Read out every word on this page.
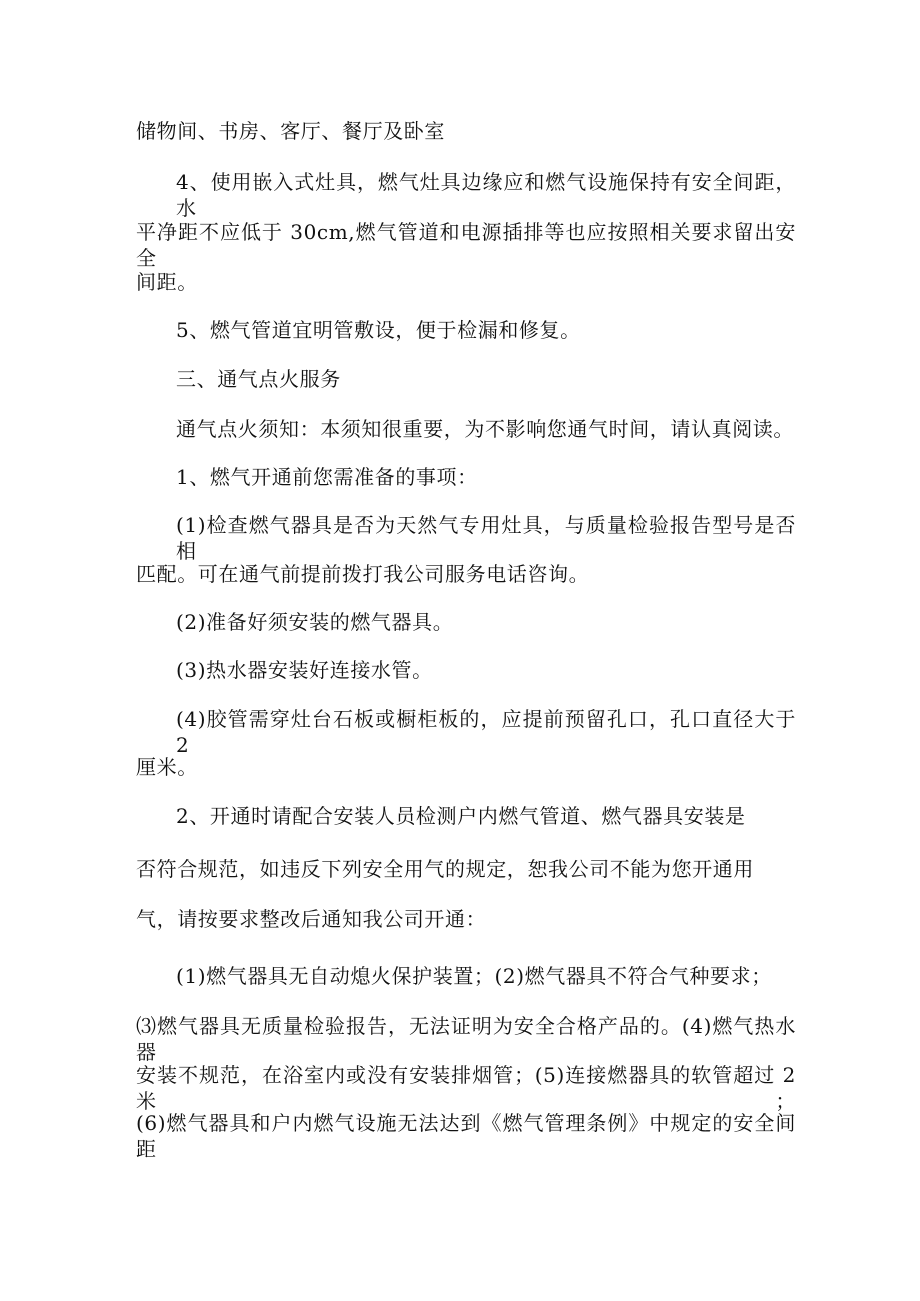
储物间、书房、客厅、餐厅及卧室
4、使用嵌入式灶具，燃气灶具边缘应和燃气设施保持有安全间距，水
平净距不应低于 30cm,燃气管道和电源插排等也应按照相关要求留出安全
间距。
5、燃气管道宜明管敷设，便于检漏和修复。
三、通气点火服务
通气点火须知：本须知很重要，为不影响您通气时间，请认真阅读。
1、燃气开通前您需准备的事项：
(1)检查燃气器具是否为天然气专用灶具，与质量检验报告型号是否相
匹配。可在通气前提前拨打我公司服务电话咨询。
(2)准备好须安装的燃气器具。
(3)热水器安装好连接水管。
(4)胶管需穿灶台石板或橱柜板的，应提前预留孔口，孔口直径大于 2
厘米。
2、开通时请配合安装人员检测户内燃气管道、燃气器具安装是
否符合规范，如违反下列安全用气的规定，恕我公司不能为您开通用
气，请按要求整改后通知我公司开通：
(1)燃气器具无自动熄火保护装置；(2)燃气器具不符合气种要求；
⑶燃气器具无质量检验报告，无法证明为安全合格产品的。(4)燃气热水器
安装不规范，在浴室内或没有安装排烟管；(5)连接燃器具的软管超过 2 米；
(6)燃气器具和户内燃气设施无法达到《燃气管理条例》中规定的安全间距
